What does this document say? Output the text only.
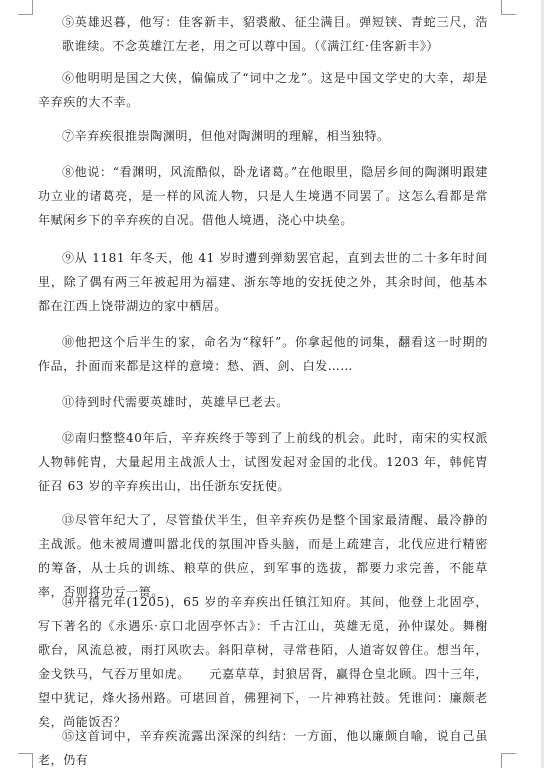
⑤英雄迟暮，他写：佳客新丰，貂裘敝、征尘满目。弹短铗、青蛇三尺，浩歌谁续。不念英雄江左老，用之可以尊中国。（《满江红·佳客新丰》）

⑥他明明是国之大侠，偏偏成了“词中之龙”。这是中国文学史的大幸，却是辛弃疾的大不幸。

⑦辛弃疾很推崇陶渊明，但他对陶渊明的理解，相当独特。

⑧他说：“看渊明，风流酷似，卧龙诸葛。”在他眼里，隐居乡间的陶渊明跟建功立业的诸葛亮，是一样的风流人物，只是人生境遇不同罢了。这怎么看都是常年赋闲乡下的辛弃疾的自况。借他人境遇，浇心中块垒。

⑨从 1181 年冬天，他 41 岁时遭到弹劾罢官起，直到去世的二十多年时间里，除了偶有两三年被起用为福建、浙东等地的安抚使之外，其余时间，他基本都在江西上饶带湖边的家中栖居。

⑩他把这个后半生的家，命名为“稼轩”。你拿起他的词集，翻看这一时期的作品，扑面而来都是这样的意境：愁、酒、剑、白发……

⑪待到时代需要英雄时，英雄早已老去。

⑫南归整整40年后，辛弃疾终于等到了上前线的机会。此时，南宋的实权派人物韩侂胄，大量起用主战派人士，试图发起对金国的北伐。1203 年，韩侂胄征召 63 岁的辛弃疾出山，出任浙东安抚使。

⑬尽管年纪大了，尽管蛰伏半生，但辛弃疾仍是整个国家最清醒、最冷静的主战派。他未被周遭叫嚣北伐的氛围冲昏头脑，而是上疏建言，北伐应进行精密的筹备，从士兵的训练、粮草的供应，到军事的选拔，都要力求完善，不能草率，否则将功亏一篑。

⑭开禧元年(1205)，65 岁的辛弃疾出任镇江知府。其间，他登上北固亭，写下著名的《永遇乐·京口北固亭怀古》：千古江山，英雄无觅，孙仲谋处。舞榭歌台，风流总被，雨打风吹去。斜阳草树，寻常巷陌，人道寄奴曾住。想当年，金戈铁马，气吞万里如虎。　　元嘉草草，封狼居胥，赢得仓皇北顾。四十三年，望中犹记，烽火扬州路。可堪回首，佛狸祠下，一片神鸦社鼓。凭谁问：廉颇老矣，尚能饭否？

⑮这首词中，辛弃疾流露出深深的纠结：一方面，他以廉颇自喻，说自己虽老，仍有
